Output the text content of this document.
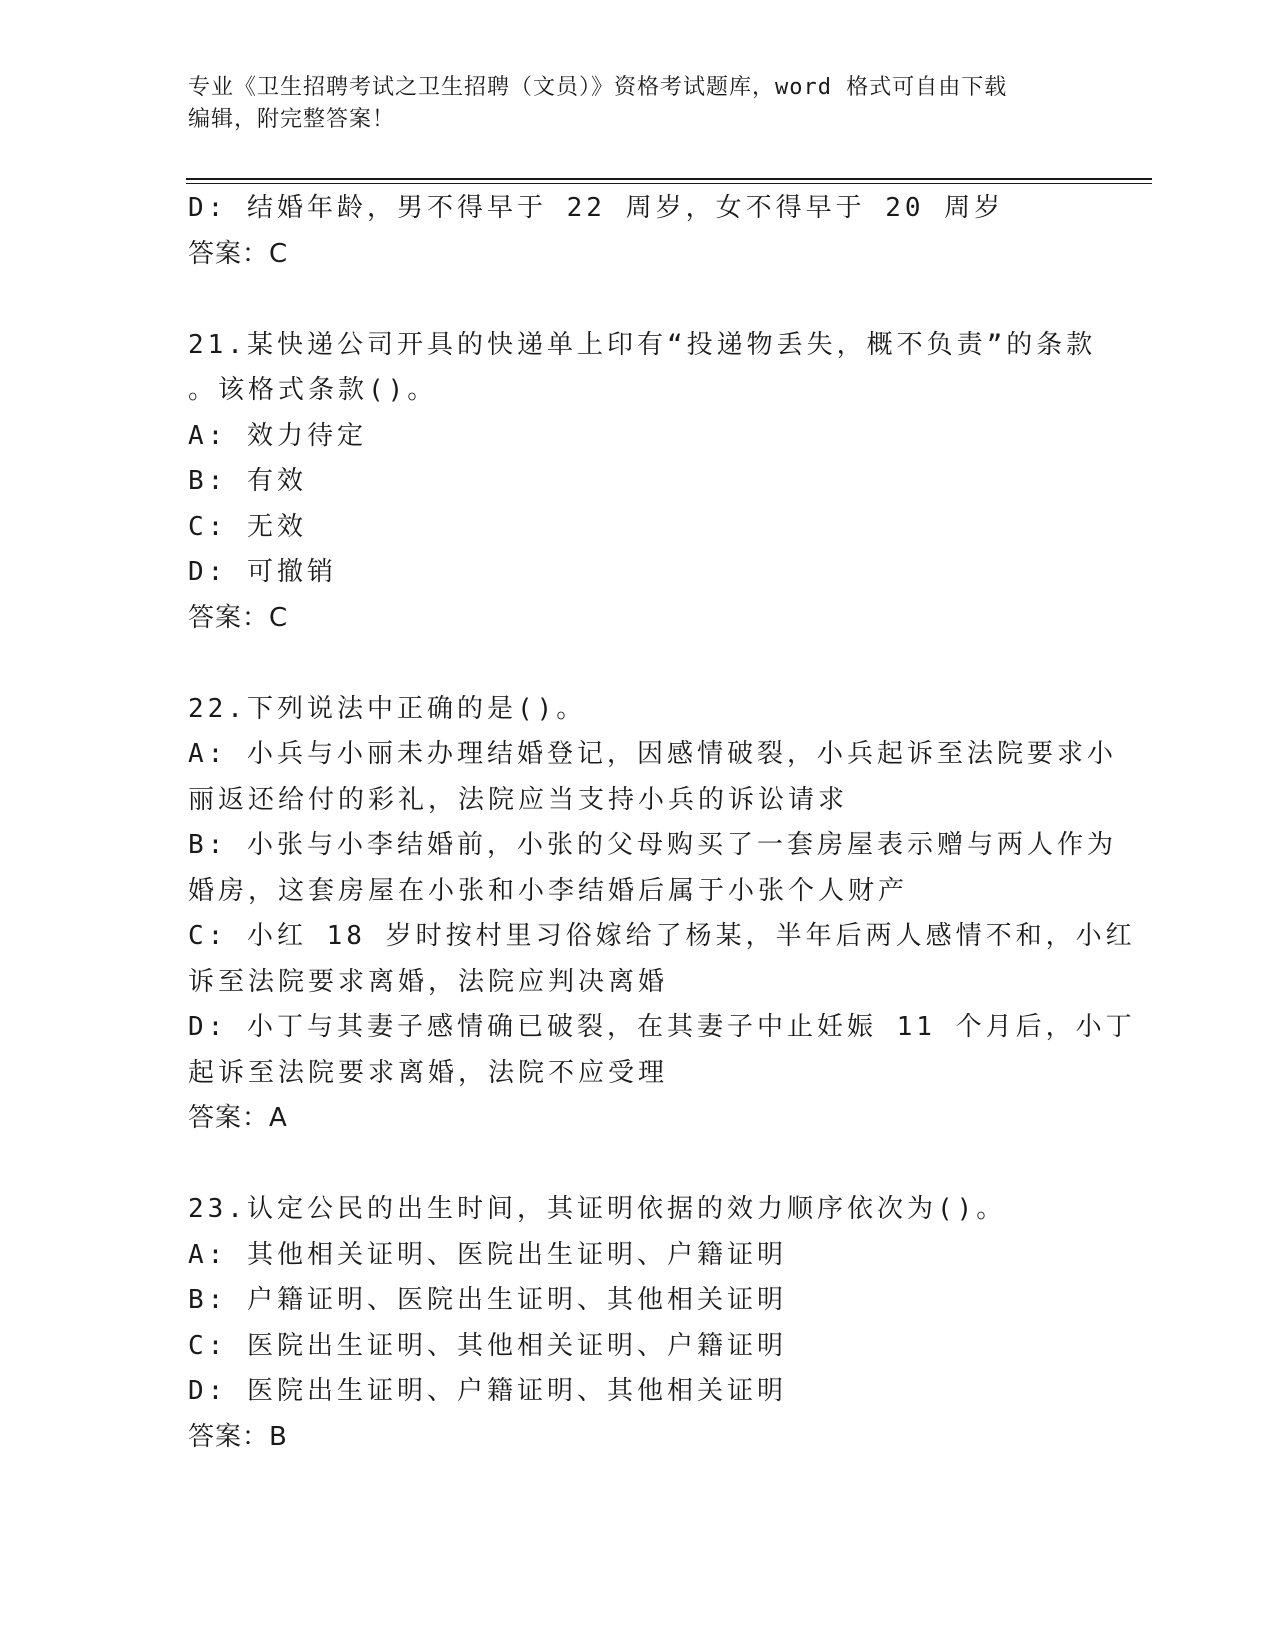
专业《卫生招聘考试之卫生招聘（文员）》资格考试题库，word 格式可自由下载
编辑，附完整答案！
D: 结婚年龄，男不得早于 22 周岁，女不得早于 20 周岁
答案：C
21.某快递公司开具的快递单上印有“投递物丢失，概不负责”的条款
。该格式条款()。
A: 效力待定
B: 有效
C: 无效
D: 可撤销
答案：C
22.下列说法中正确的是()。
A: 小兵与小丽未办理结婚登记，因感情破裂，小兵起诉至法院要求小
丽返还给付的彩礼，法院应当支持小兵的诉讼请求
B: 小张与小李结婚前，小张的父母购买了一套房屋表示赠与两人作为
婚房，这套房屋在小张和小李结婚后属于小张个人财产
C: 小红 18 岁时按村里习俗嫁给了杨某，半年后两人感情不和，小红
诉至法院要求离婚，法院应判决离婚
D: 小丁与其妻子感情确已破裂，在其妻子中止妊娠 11 个月后，小丁
起诉至法院要求离婚，法院不应受理
答案：A
23.认定公民的出生时间，其证明依据的效力顺序依次为()。
A: 其他相关证明、医院出生证明、户籍证明
B: 户籍证明、医院出生证明、其他相关证明
C: 医院出生证明、其他相关证明、户籍证明
D: 医院出生证明、户籍证明、其他相关证明
答案：B
